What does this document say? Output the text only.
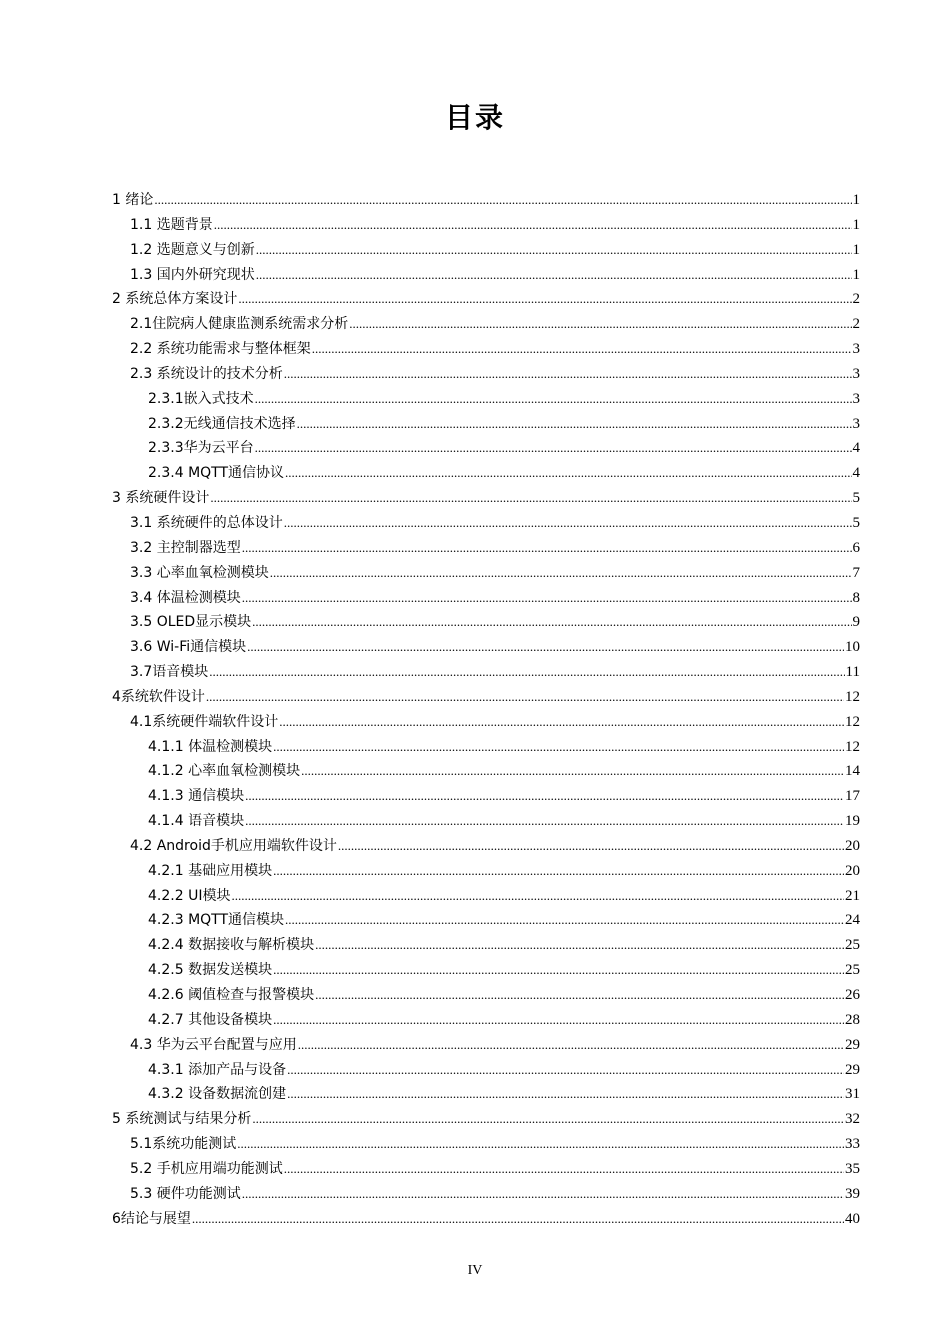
目录
1 绪论 .....	1
1.1 选题背景 .....	1
1.2 选题意义与创新 .....	1
1.3 国内外研究现状 .....	1
2 系统总体方案设计 .....	2
2.1住院病人健康监测系统需求分析 .....	2
2.2 系统功能需求与整体框架 .....	3
2.3 系统设计的技术分析 .....	3
2.3.1嵌入式技术 .....	3
2.3.2无线通信技术选择 .....	3
2.3.3华为云平台 .....	4
2.3.4 MQTT通信协议 .....	4
3 系统硬件设计 .....	5
3.1 系统硬件的总体设计 .....	5
3.2 主控制器选型 .....	6
3.3 心率血氧检测模块 .....	7
3.4 体温检测模块 .....	8
3.5 OLED显示模块 .....	9
3.6 Wi-Fi通信模块 .....	10
3.7语音模块 .....	11
4系统软件设计 .....	12
4.1系统硬件端软件设计 .....	12
4.1.1 体温检测模块 .....	12
4.1.2 心率血氧检测模块 .....	14
4.1.3 通信模块 .....	17
4.1.4 语音模块 .....	19
4.2 Android手机应用端软件设计 .....	20
4.2.1 基础应用模块 .....	20
4.2.2 UI模块 .....	21
4.2.3 MQTT通信模块 .....	24
4.2.4 数据接收与解析模块 .....	25
4.2.5 数据发送模块 .....	25
4.2.6 阈值检查与报警模块 .....	26
4.2.7 其他设备模块 .....	28
4.3 华为云平台配置与应用 .....	29
4.3.1 添加产品与设备 .....	29
4.3.2 设备数据流创建 .....	31
5 系统测试与结果分析 .....	32
5.1系统功能测试 .....	33
5.2 手机应用端功能测试 .....	35
5.3 硬件功能测试 .....	39
6结论与展望 .....	40
IV
